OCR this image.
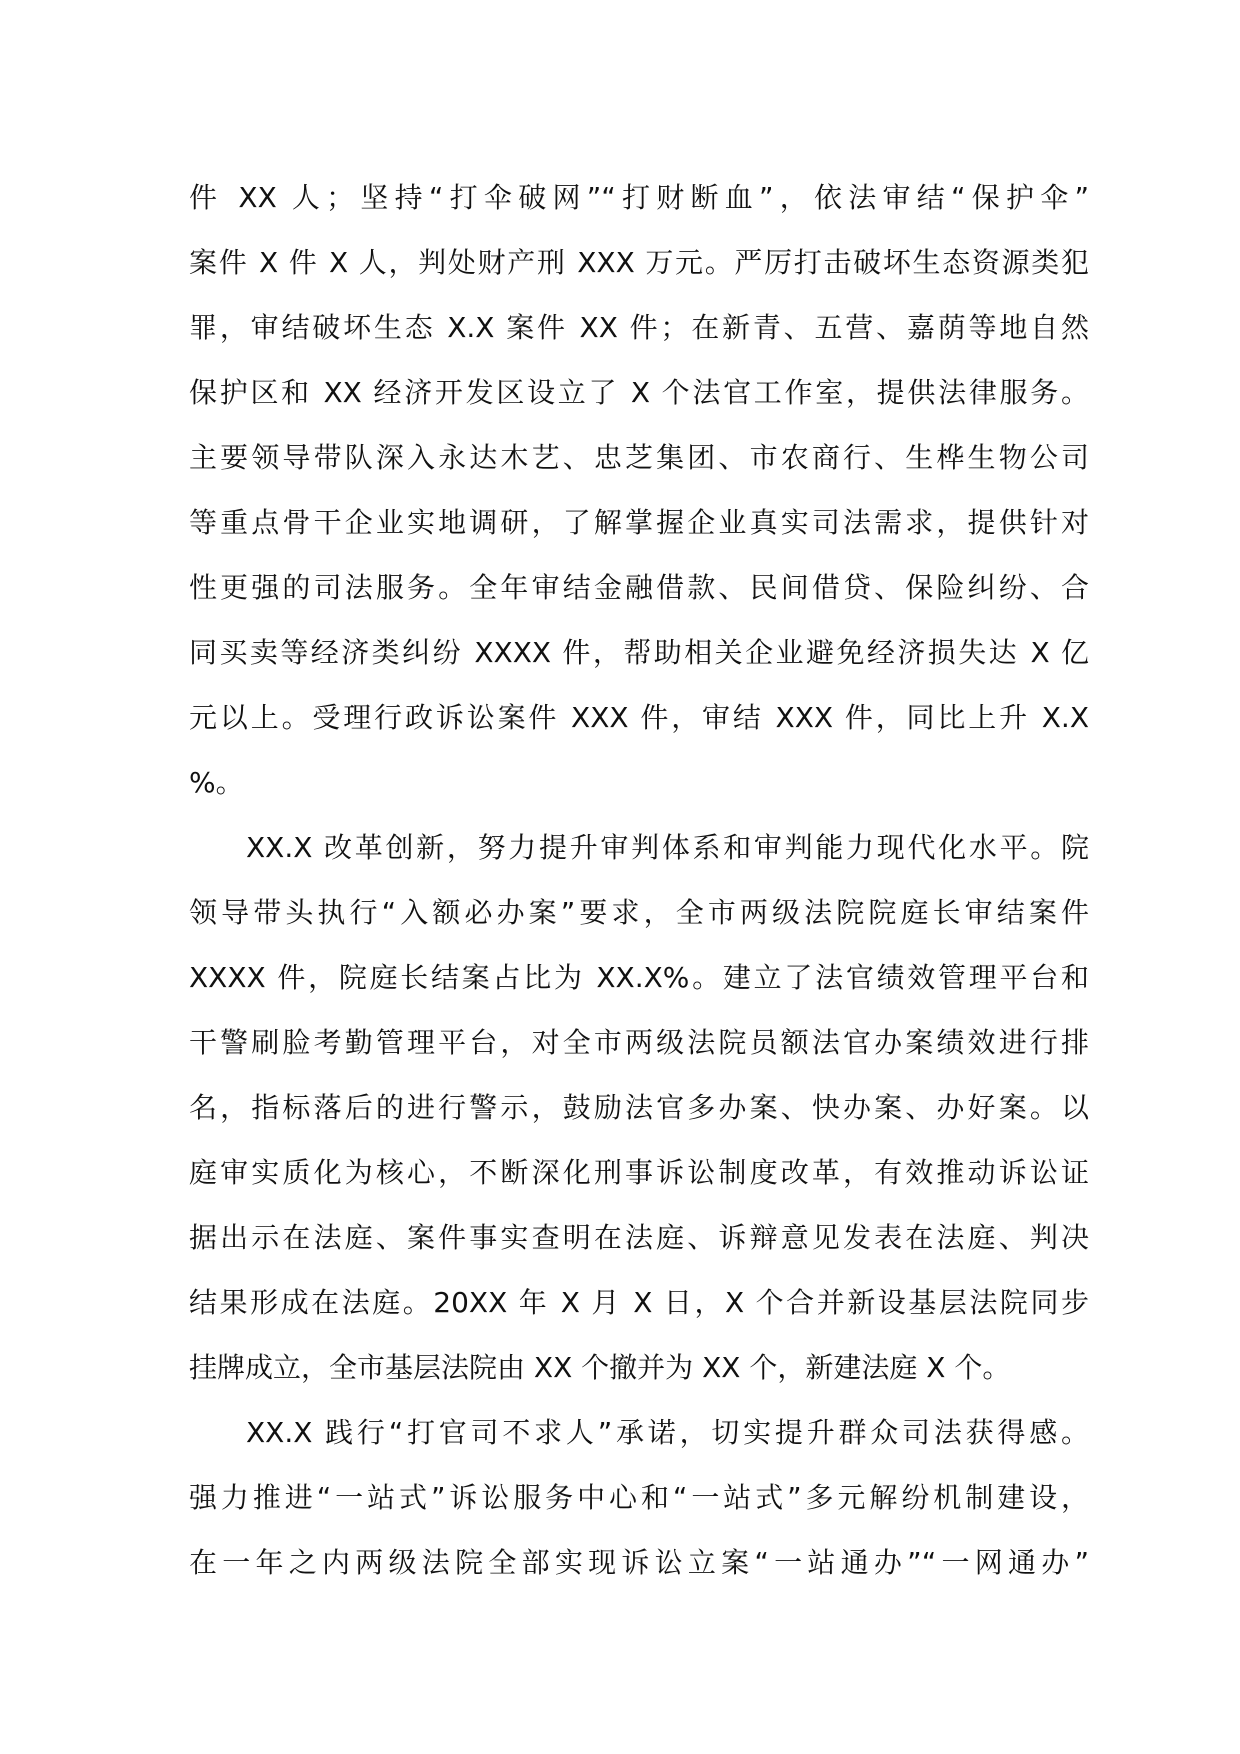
件 XX 人；坚持“打伞破网”“打财断血”，依法审结“保护伞”
案件 X 件 X 人，判处财产刑 XXX 万元。严厉打击破坏生态资源类犯
罪，审结破坏生态 X.X 案件 XX 件；在新青、五营、嘉荫等地自然
保护区和 XX 经济开发区设立了 X 个法官工作室，提供法律服务。
主要领导带队深入永达木艺、忠芝集团、市农商行、生桦生物公司
等重点骨干企业实地调研，了解掌握企业真实司法需求，提供针对
性更强的司法服务。全年审结金融借款、民间借贷、保险纠纷、合
同买卖等经济类纠纷 XXXX 件，帮助相关企业避免经济损失达 X 亿
元以上。受理行政诉讼案件 XXX 件，审结 XXX 件，同比上升 X.X
%。
XX.X 改革创新，努力提升审判体系和审判能力现代化水平。院
领导带头执行“入额必办案”要求，全市两级法院院庭长审结案件
XXXX 件，院庭长结案占比为 XX.X%。建立了法官绩效管理平台和
干警刷脸考勤管理平台，对全市两级法院员额法官办案绩效进行排
名，指标落后的进行警示，鼓励法官多办案、快办案、办好案。以
庭审实质化为核心，不断深化刑事诉讼制度改革，有效推动诉讼证
据出示在法庭、案件事实查明在法庭、诉辩意见发表在法庭、判决
结果形成在法庭。20XX 年 X 月 X 日，X 个合并新设基层法院同步
挂牌成立，全市基层法院由 XX 个撤并为 XX 个，新建法庭 X 个。
XX.X 践行“打官司不求人”承诺，切实提升群众司法获得感。
强力推进“一站式”诉讼服务中心和“一站式”多元解纷机制建设，
在一年之内两级法院全部实现诉讼立案“一站通办”“一网通办”
